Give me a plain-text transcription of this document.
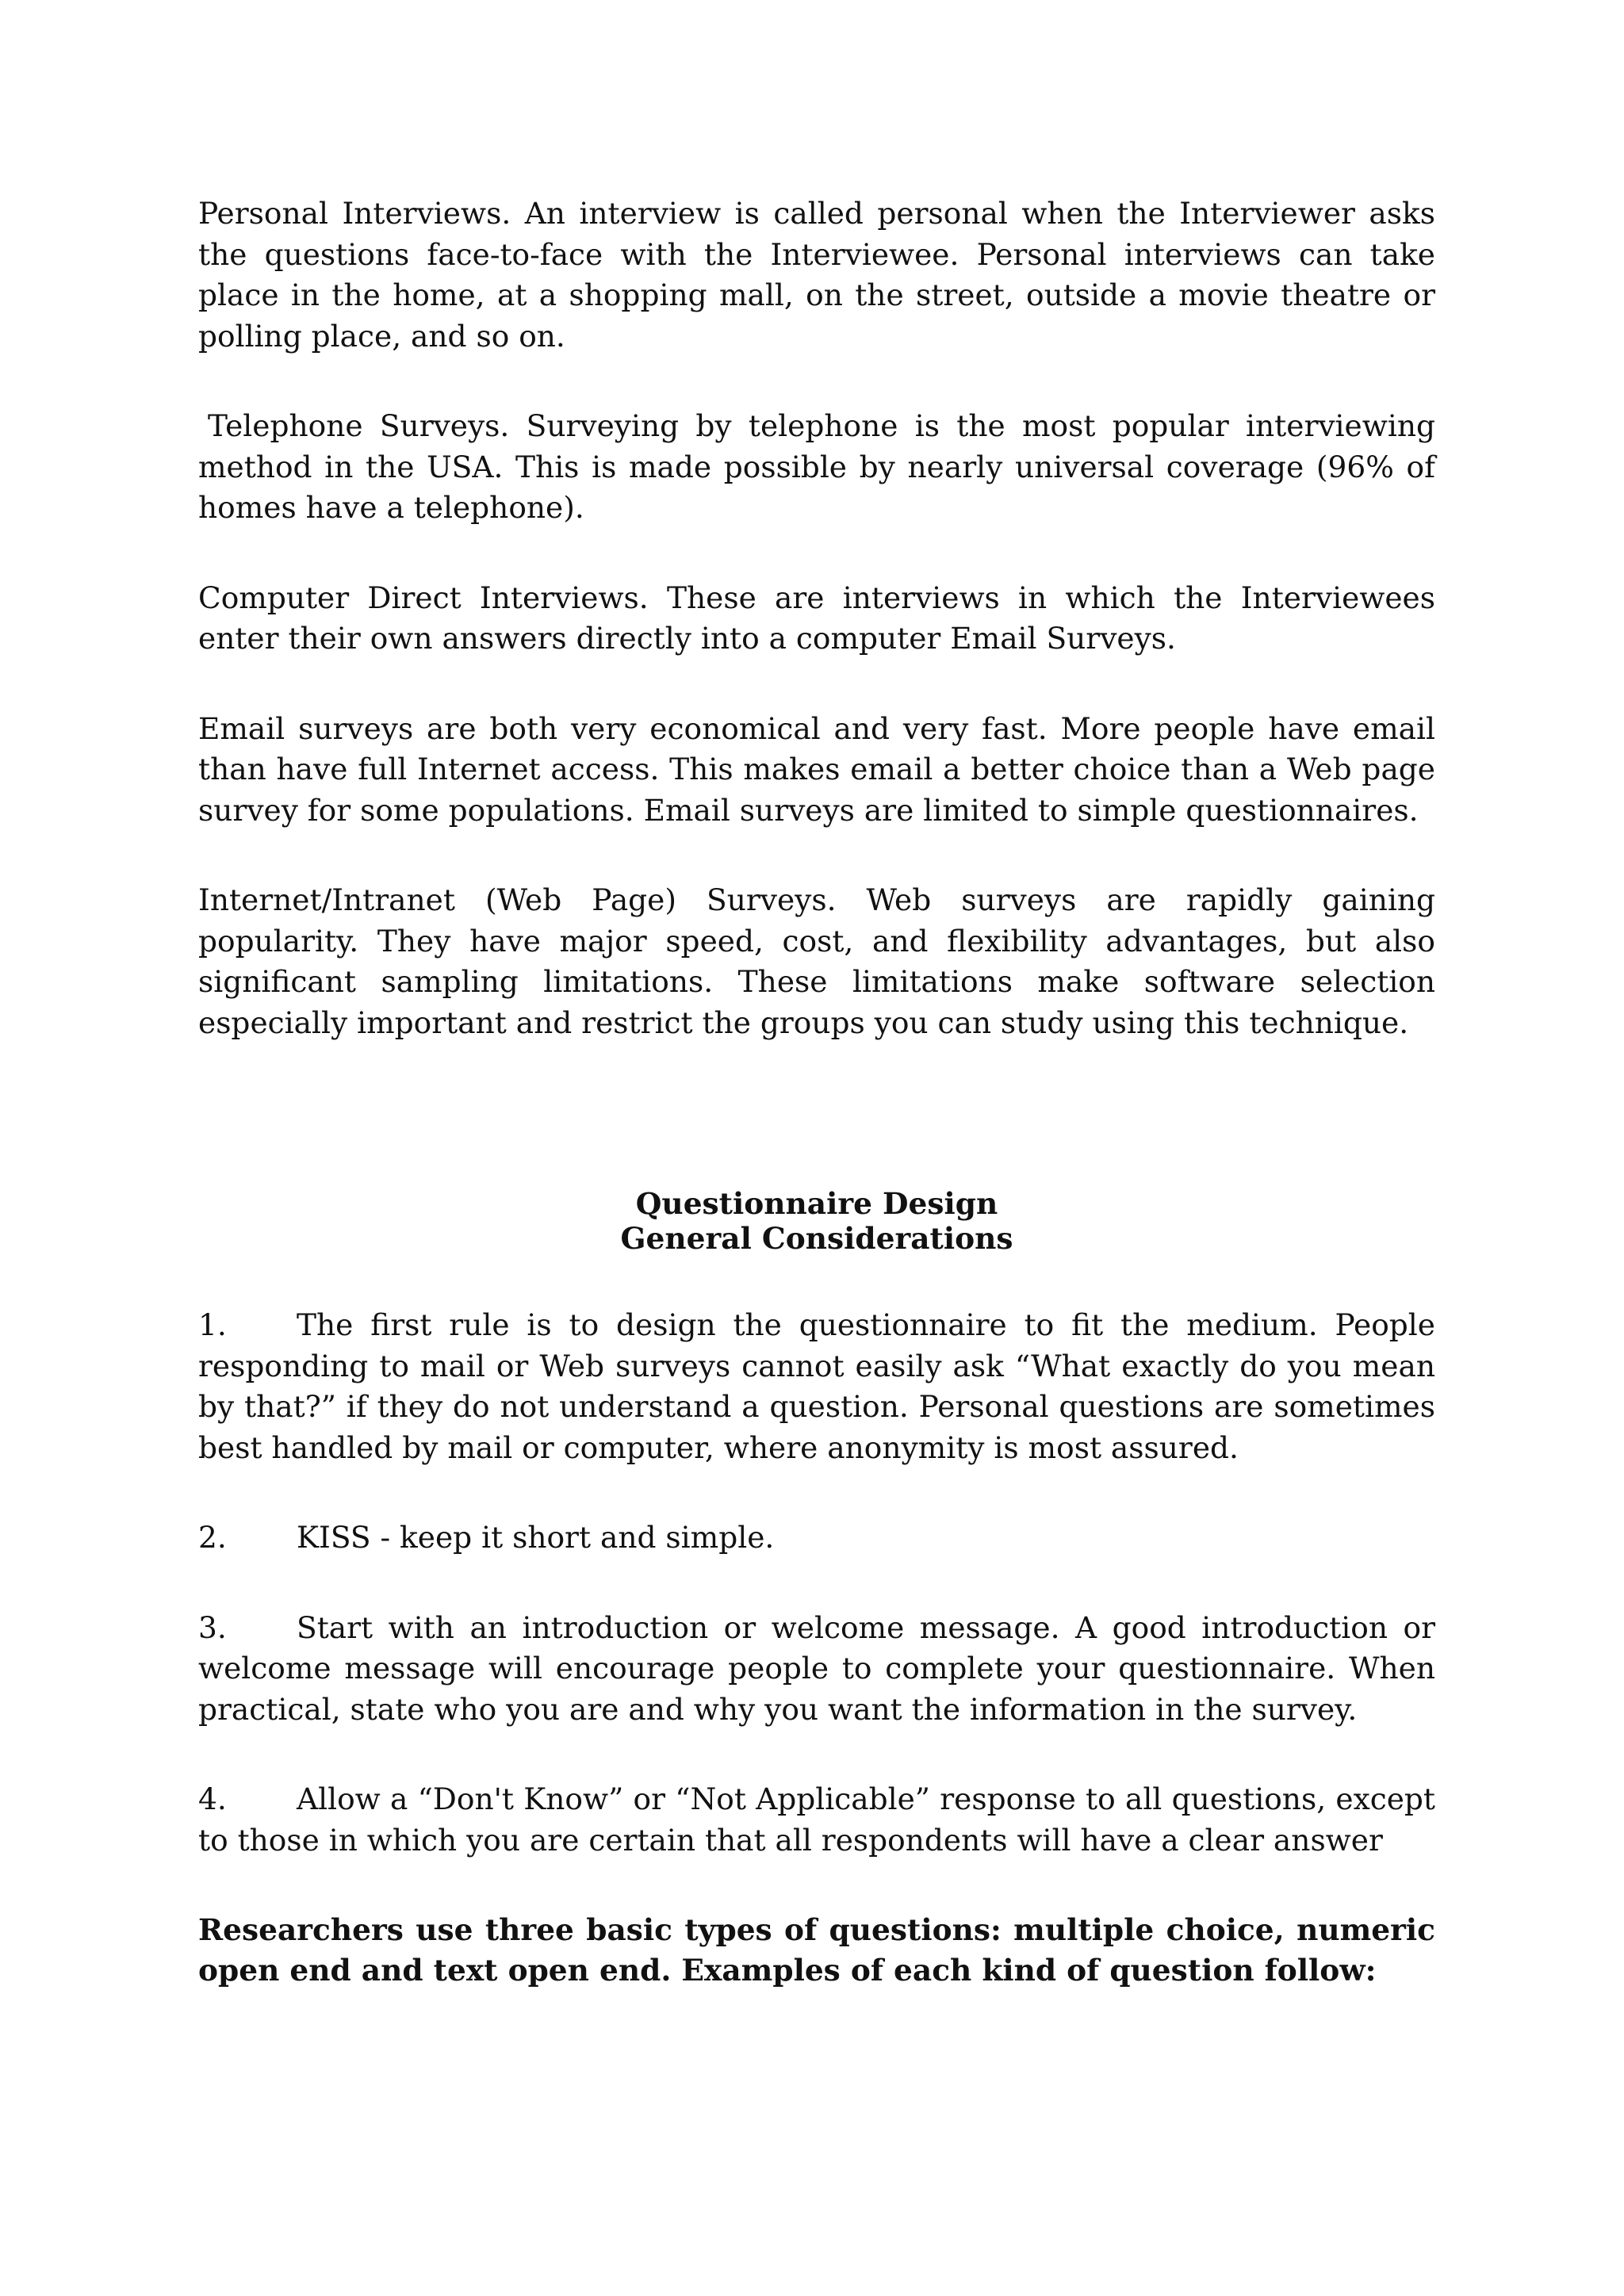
Personal Interviews. An interview is called personal when the Interviewer asks the questions face-to-face with the Interviewee. Personal interviews can take place in the home, at a shopping mall, on the street, outside a movie theatre or polling place, and so on.

Telephone Surveys. Surveying by telephone is the most popular interviewing method in the USA. This is made possible by nearly universal coverage (96% of homes have a telephone).

Computer Direct Interviews. These are interviews in which the Interviewees enter their own answers directly into a computer Email Surveys.

Email surveys are both very economical and very fast. More people have email than have full Internet access. This makes email a better choice than a Web page survey for some populations. Email surveys are limited to simple questionnaires.

Internet/Intranet (Web Page) Surveys. Web surveys are rapidly gaining popularity. They have major speed, cost, and flexibility advantages, but also significant sampling limitations. These limitations make software selection especially important and restrict the groups you can study using this technique.

Questionnaire Design
General Considerations

1. The first rule is to design the questionnaire to fit the medium. People responding to mail or Web surveys cannot easily ask “What exactly do you mean by that?” if they do not understand a question. Personal questions are sometimes best handled by mail or computer, where anonymity is most assured.

2. KISS - keep it short and simple.

3. Start with an introduction or welcome message. A good introduction or welcome message will encourage people to complete your questionnaire. When practical, state who you are and why you want the information in the survey.

4. Allow a “Don't Know” or “Not Applicable” response to all questions, except to those in which you are certain that all respondents will have a clear answer

Researchers use three basic types of questions: multiple choice, numeric open end and text open end. Examples of each kind of question follow:
